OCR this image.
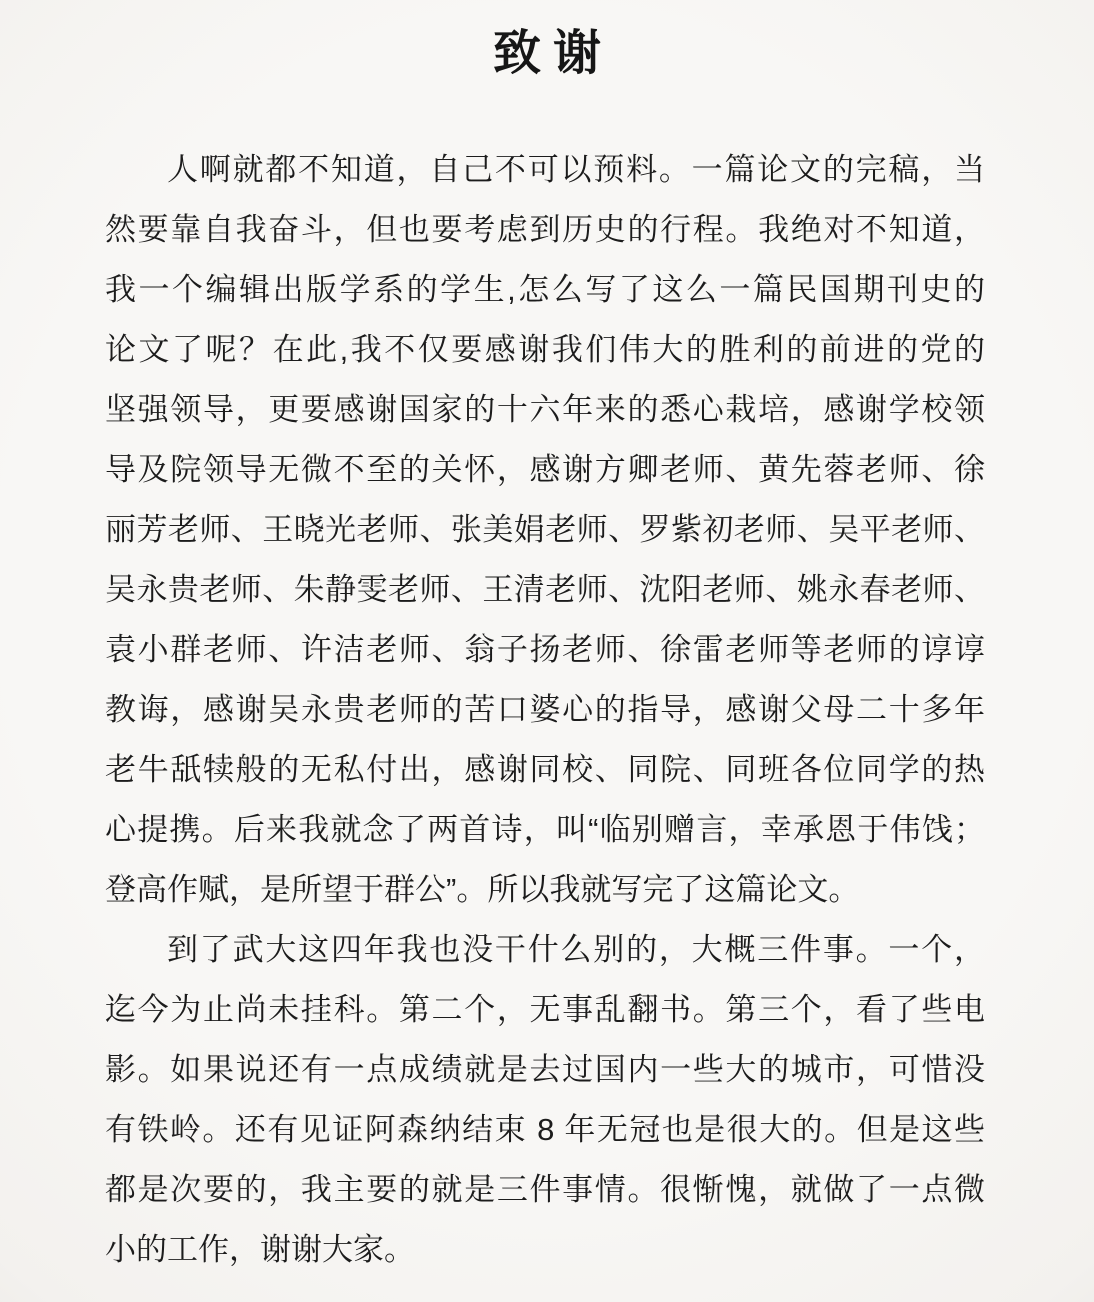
致谢
人啊就都不知道，自己不可以预料。一篇论文的完稿，当
然要靠自我奋斗，但也要考虑到历史的行程。我绝对不知道，
我一个编辑出版学系的学生,怎么写了这么一篇民国期刊史的
论文了呢？在此,我不仅要感谢我们伟大的胜利的前进的党的
坚强领导，更要感谢国家的十六年来的悉心栽培，感谢学校领
导及院领导无微不至的关怀，感谢方卿老师、黄先蓉老师、徐
丽芳老师、王晓光老师、张美娟老师、罗紫初老师、吴平老师、
吴永贵老师、朱静雯老师、王清老师、沈阳老师、姚永春老师、
袁小群老师、许洁老师、翁子扬老师、徐雷老师等老师的谆谆
教诲，感谢吴永贵老师的苦口婆心的指导，感谢父母二十多年
老牛舐犊般的无私付出，感谢同校、同院、同班各位同学的热
心提携。后来我就念了两首诗，叫“临别赠言，幸承恩于伟饯；
登高作赋，是所望于群公”。所以我就写完了这篇论文。
到了武大这四年我也没干什么别的，大概三件事。一个，
迄今为止尚未挂科。第二个，无事乱翻书。第三个，看了些电
影。如果说还有一点成绩就是去过国内一些大的城市，可惜没
有铁岭。还有见证阿森纳结束 8 年无冠也是很大的。但是这些
都是次要的，我主要的就是三件事情。很惭愧，就做了一点微
小的工作，谢谢大家。
